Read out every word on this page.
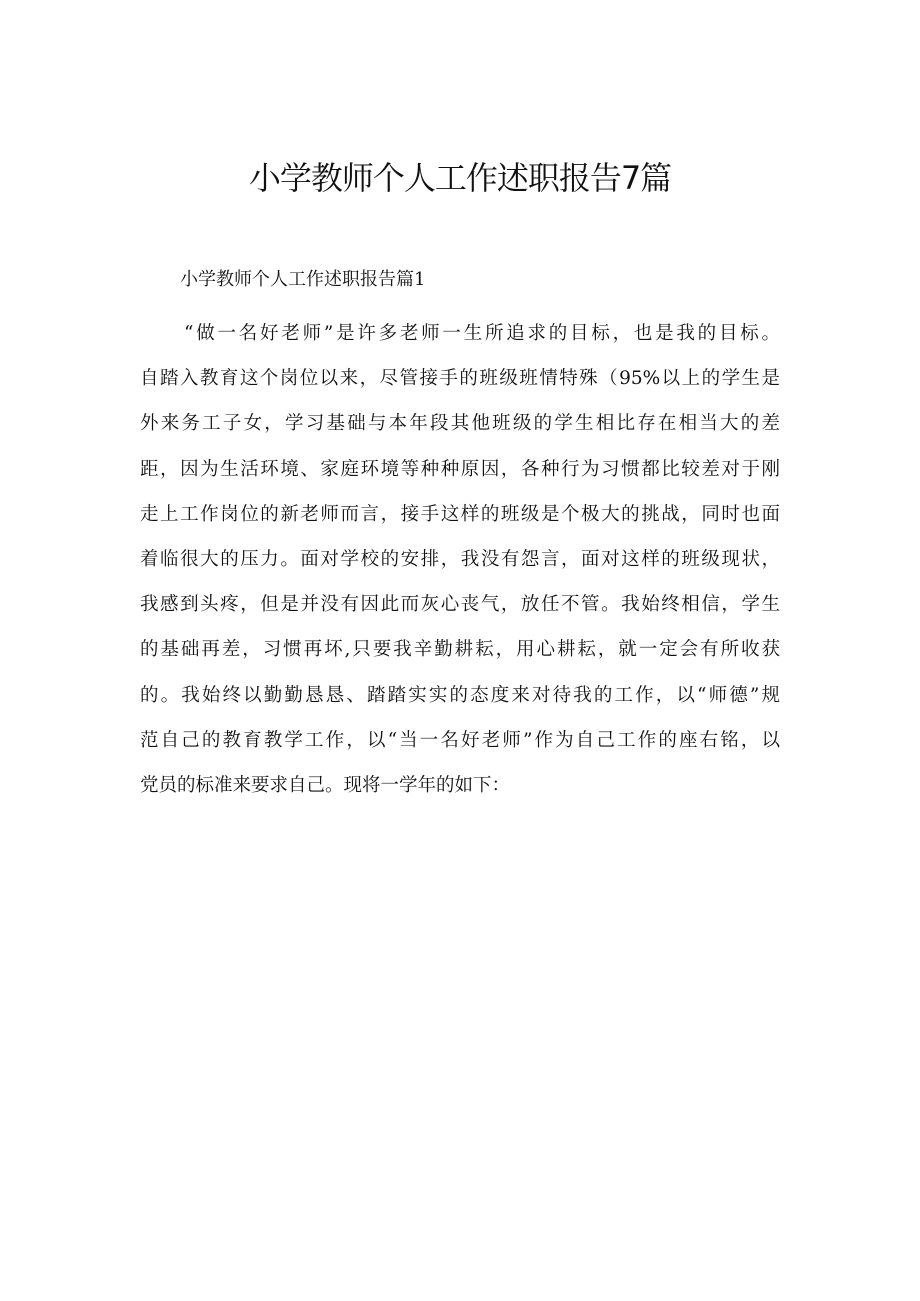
小学教师个人工作述职报告7篇

小学教师个人工作述职报告篇1

“做一名好老师”是许多老师一生所追求的目标，也是我的目标。
自踏入教育这个岗位以来，尽管接手的班级班情特殊（95%以上的学生是
外来务工子女，学习基础与本年段其他班级的学生相比存在相当大的差
距，因为生活环境、家庭环境等种种原因，各种行为习惯都比较差对于刚
走上工作岗位的新老师而言，接手这样的班级是个极大的挑战，同时也面
着临很大的压力。面对学校的安排，我没有怨言，面对这样的班级现状，
我感到头疼，但是并没有因此而灰心丧气，放任不管。我始终相信，学生
的基础再差，习惯再坏,只要我辛勤耕耘，用心耕耘，就一定会有所收获
的。我始终以勤勤恳恳、踏踏实实的态度来对待我的工作，以“师德”规
范自己的教育教学工作，以“当一名好老师”作为自己工作的座右铭，以
党员的标准来要求自己。现将一学年的如下：
